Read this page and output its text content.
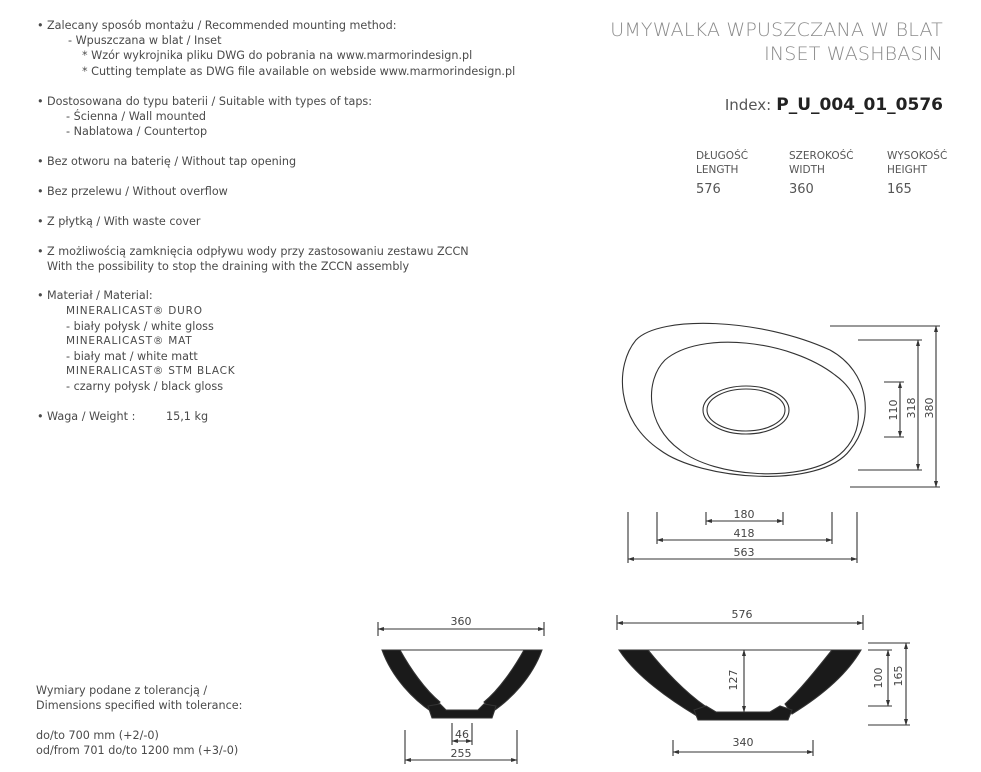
• Zalecany sposób montażu / Recommended mounting method:
- Wpuszczana w blat / Inset
* Wzór wykrojnika pliku DWG do pobrania na www.marmorindesign.pl
* Cutting template as DWG file available on webside www.marmorindesign.pl
• Dostosowana do typu baterii / Suitable with types of taps:
- Ścienna / Wall mounted
- Nablatowa / Countertop
• Bez otworu na baterię / Without tap opening
• Bez przelewu / Without overflow
• Z płytką / With waste cover
• Z możliwością zamknięcia odpływu wody przy zastosowaniu zestawu ZCCN
With the possibility to stop the draining with the ZCCN assembly
• Materiał / Material:
MINERALICAST® DURO
- biały połysk / white gloss
MINERALICAST® MAT
- biały mat / white matt
MINERALICAST® STM BLACK
- czarny połysk / black gloss
• Waga / Weight :	15,1 kg
UMYWALKA WPUSZCZANA W BLAT
INSET WASHBASIN
Index: P_U_004_01_0576
DŁUGOŚĆ
LENGTH
576
SZEROKOŚĆ
WIDTH
360
WYSOKOŚĆ
HEIGHT
165
Wymiary podane z tolerancją /
Dimensions specified with tolerance:
do/to 700 mm (+2/-0)
od/from 701 do/to 1200 mm (+3/-0)
180
418
563
110 318 380
360
46
255
576
127	100 165
340
